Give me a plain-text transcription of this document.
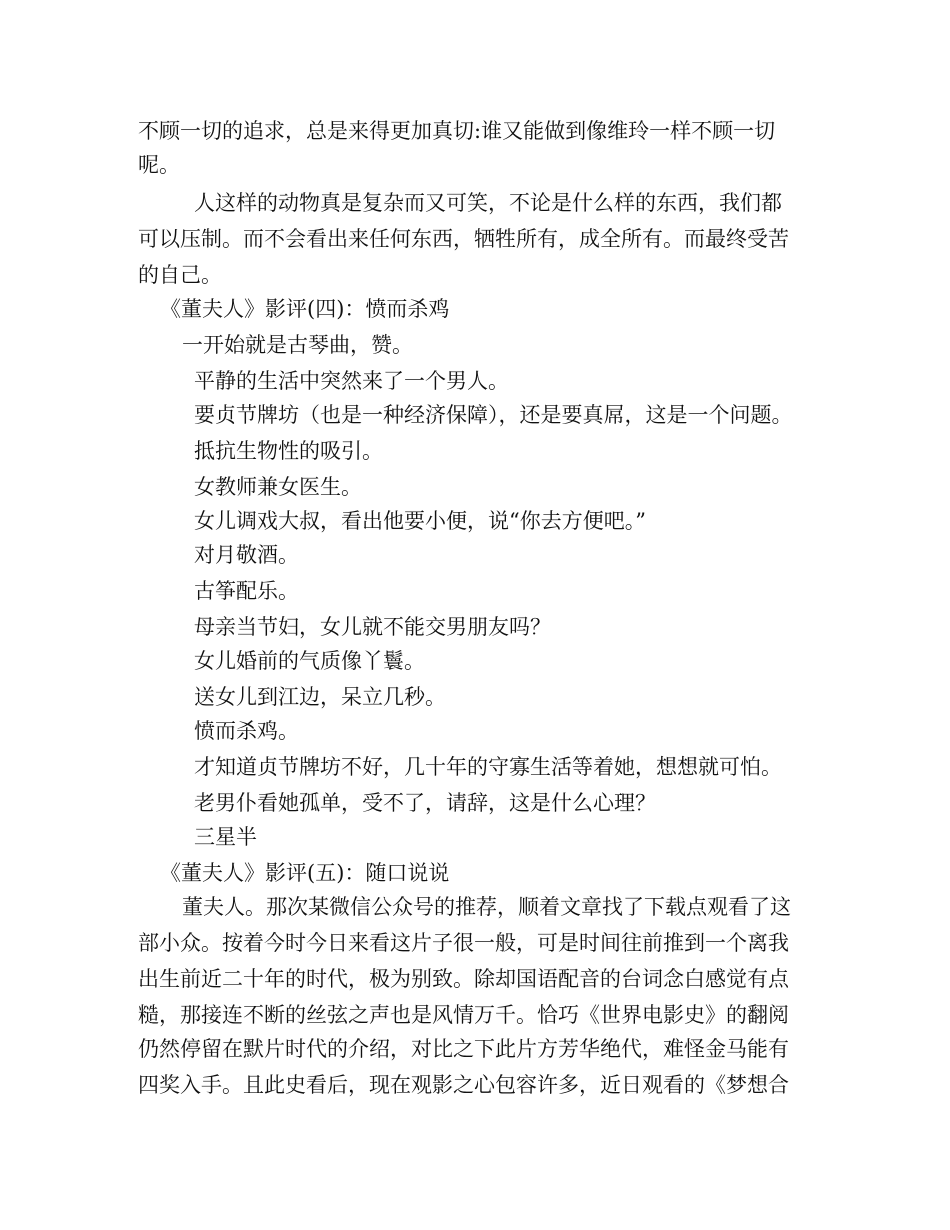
不顾一切的追求，总是来得更加真切:谁又能做到像维玲一样不顾一切
呢。
人这样的动物真是复杂而又可笑，不论是什么样的东西，我们都
可以压制。而不会看出来任何东西，牺牲所有，成全所有。而最终受苦
的自己。
《董夫人》影评(四)：愤而杀鸡
一开始就是古琴曲，赞。
平静的生活中突然来了一个男人。
要贞节牌坊（也是一种经济保障），还是要真屌，这是一个问题。
抵抗生物性的吸引。
女教师兼女医生。
女儿调戏大叔，看出他要小便，说“你去方便吧。”
对月敬酒。
古筝配乐。
母亲当节妇，女儿就不能交男朋友吗？
女儿婚前的气质像丫鬟。
送女儿到江边，呆立几秒。
愤而杀鸡。
才知道贞节牌坊不好，几十年的守寡生活等着她，想想就可怕。
老男仆看她孤单，受不了，请辞，这是什么心理？
三星半
《董夫人》影评(五)：随口说说
董夫人。那次某微信公众号的推荐，顺着文章找了下载点观看了这
部小众。按着今时今日来看这片子很一般，可是时间往前推到一个离我
出生前近二十年的时代，极为别致。除却国语配音的台词念白感觉有点
糙，那接连不断的丝弦之声也是风情万千。恰巧《世界电影史》的翻阅
仍然停留在默片时代的介绍，对比之下此片方芳华绝代，难怪金马能有
四奖入手。且此史看后，现在观影之心包容许多，近日观看的《梦想合
